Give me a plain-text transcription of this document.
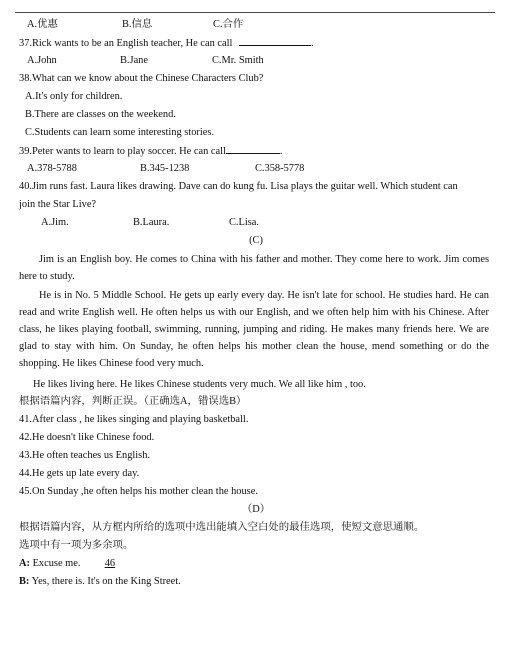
A.优惠	B.信息	C.合作
37.Rick wants to be an English teacher, He can call	.
A.John	B.Jane	C.Mr. Smith
38.What can we know about the Chinese Characters Club?
A.It's only for children.
B.There are classes on the weekend.
C.Students can learn some interesting stories.
39.Peter wants to learn to play soccer. He can call	.
A.378-5788	B.345-1238	C.358-5778
40.Jim runs fast. Laura likes drawing. Dave can do kung fu. Lisa plays the guitar well. Which student can
join the Star Live?
A.Jim.	B.Laura.	C.Lisa.
(C)
Jim is an English boy. He comes to China with his father and mother. They come here to work. Jim comes here to study.
He is in No. 5 Middle School. He gets up early every day. He isn't late for school. He studies hard. He can read and write English well. He often helps us with our English, and we often help him with his Chinese. After class, he likes playing football, swimming, running, jumping and riding. He makes many friends here. We are glad to stay with him. On Sunday, he often helps his mother clean the house, mend something or do the shopping. He likes Chinese food very much.
He likes living here. He likes Chinese students very much. We all like him , too.
根据语篇内容，判断正误。（正确选A，错误选B）
41.After class , he likes singing and playing basketball.
42.He doesn't like Chinese food.
43.He often teaches us English.
44.He gets up late every day.
45.On Sunday ,he often helps his mother clean the house.
（D）
根据语篇内容，从方框内所给的选项中选出能填入空白处的最佳选项，使短文意思通顺。
选项中有一项为多余项。
A: Excuse me. 46
B: Yes, there is. It's on the King Street.
